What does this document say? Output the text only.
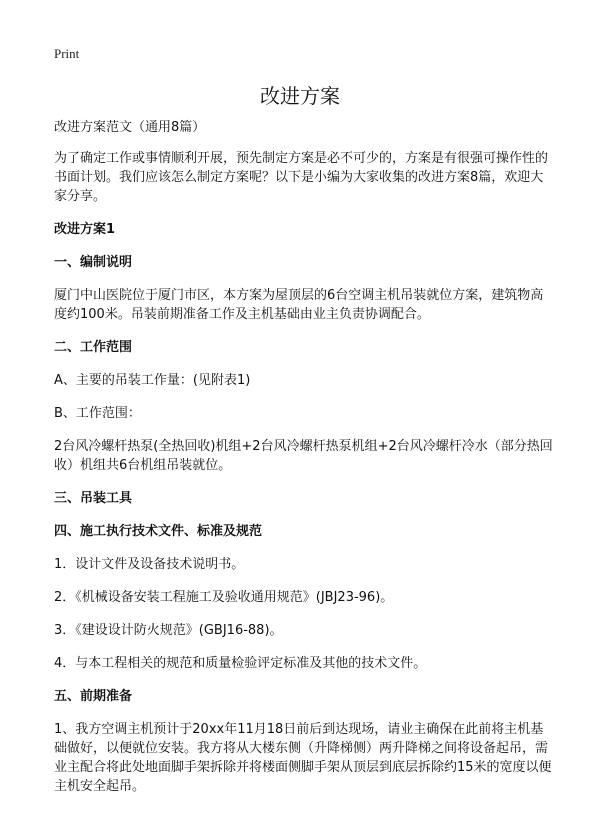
Print
改进方案

改进方案范文（通用8篇）

为了确定工作或事情顺利开展，预先制定方案是必不可少的，方案是有很强可操作性的书面计划。我们应该怎么制定方案呢？以下是小编为大家收集的改进方案8篇，欢迎大家分享。

改进方案1

一、编制说明

厦门中山医院位于厦门市区，本方案为屋顶层的6台空调主机吊装就位方案，建筑物高度约100米。吊装前期准备工作及主机基础由业主负责协调配合。

二、工作范围

A、主要的吊装工作量：(见附表1)

B、工作范围：

2台风冷螺杆热泵(全热回收)机组+2台风冷螺杆热泵机组+2台风冷螺杆冷水（部分热回收）机组共6台机组吊装就位。

三、吊装工具

四、施工执行技术文件、标准及规范

1．设计文件及设备技术说明书。

2．《机械设备安装工程施工及验收通用规范》(JBJ23-96)。

3．《建设设计防火规范》(GBJ16-88)。

4．与本工程相关的规范和质量检验评定标准及其他的技术文件。

五、前期准备

1、我方空调主机预计于20xx年11月18日前后到达现场，请业主确保在此前将主机基础做好，以便就位安装。我方将从大楼东侧（升降梯侧）两升降梯之间将设备起吊，需业主配合将此处地面脚手架拆除并将楼面侧脚手架从顶层到底层拆除约15米的宽度以便主机安全起吊。
